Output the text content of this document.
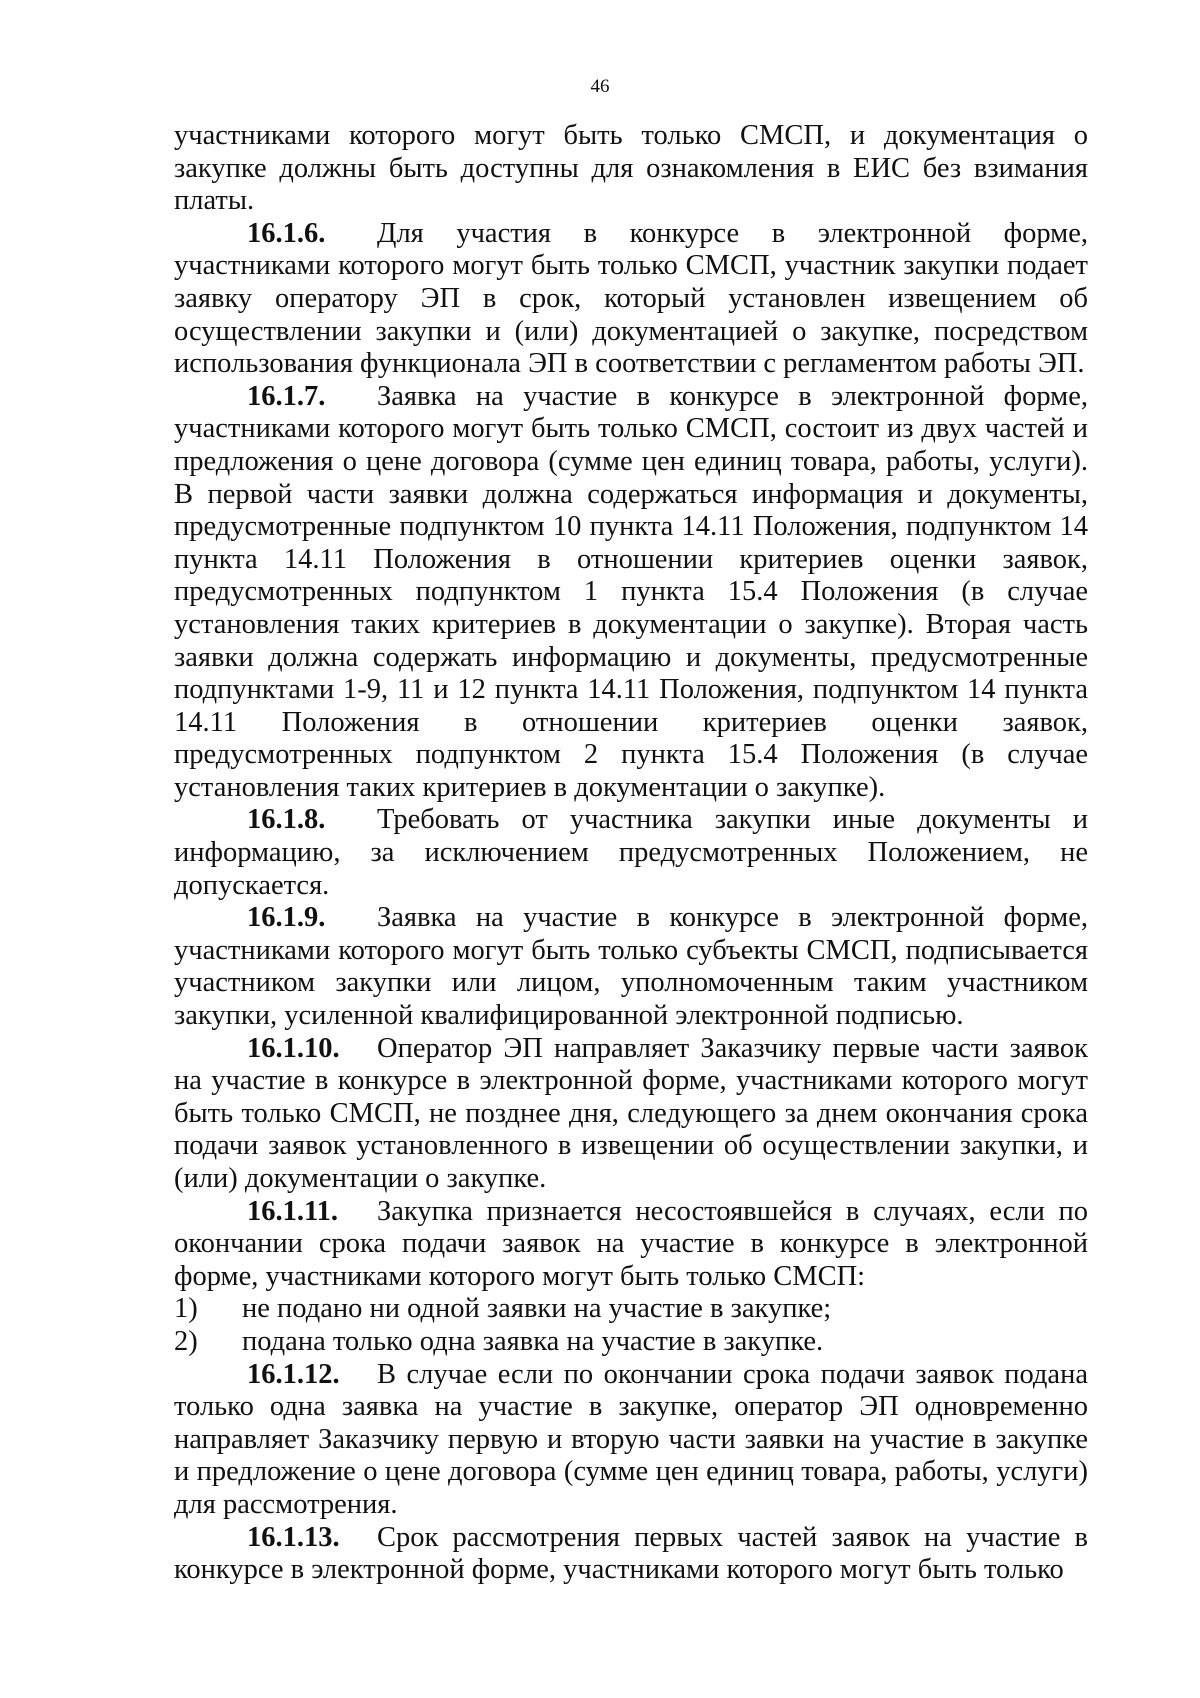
46

участниками которого могут быть только СМСП, и документация о закупке должны быть доступны для ознакомления в ЕИС без взимания платы.

16.1.6. Для участия в конкурсе в электронной форме, участниками которого могут быть только СМСП, участник закупки подает заявку оператору ЭП в срок, который установлен извещением об осуществлении закупки и (или) документацией о закупке, посредством использования функционала ЭП в соответствии с регламентом работы ЭП.

16.1.7. Заявка на участие в конкурсе в электронной форме, участниками которого могут быть только СМСП, состоит из двух частей и предложения о цене договора (сумме цен единиц товара, работы, услуги). В первой части заявки должна содержаться информация и документы, предусмотренные подпунктом 10 пункта 14.11 Положения, подпунктом 14 пункта 14.11 Положения в отношении критериев оценки заявок, предусмотренных подпунктом 1 пункта 15.4 Положения (в случае установления таких критериев в документации о закупке). Вторая часть заявки должна содержать информацию и документы, предусмотренные подпунктами 1-9, 11 и 12 пункта 14.11 Положения, подпунктом 14 пункта 14.11 Положения в отношении критериев оценки заявок, предусмотренных подпунктом 2 пункта 15.4 Положения (в случае установления таких критериев в документации о закупке).

16.1.8. Требовать от участника закупки иные документы и информацию, за исключением предусмотренных Положением, не допускается.

16.1.9. Заявка на участие в конкурсе в электронной форме, участниками которого могут быть только субъекты СМСП, подписывается участником закупки или лицом, уполномоченным таким участником закупки, усиленной квалифицированной электронной подписью.

16.1.10. Оператор ЭП направляет Заказчику первые части заявок на участие в конкурсе в электронной форме, участниками которого могут быть только СМСП, не позднее дня, следующего за днем окончания срока подачи заявок установленного в извещении об осуществлении закупки, и (или) документации о закупке.

16.1.11. Закупка признается несостоявшейся в случаях, если по окончании срока подачи заявок на участие в конкурсе в электронной форме, участниками которого могут быть только СМСП:

1) не подано ни одной заявки на участие в закупке;

2) подана только одна заявка на участие в закупке.

16.1.12. В случае если по окончании срока подачи заявок подана только одна заявка на участие в закупке, оператор ЭП одновременно направляет Заказчику первую и вторую части заявки на участие в закупке и предложение о цене договора (сумме цен единиц товара, работы, услуги) для рассмотрения.

16.1.13. Срок рассмотрения первых частей заявок на участие в конкурсе в электронной форме, участниками которого могут быть только
